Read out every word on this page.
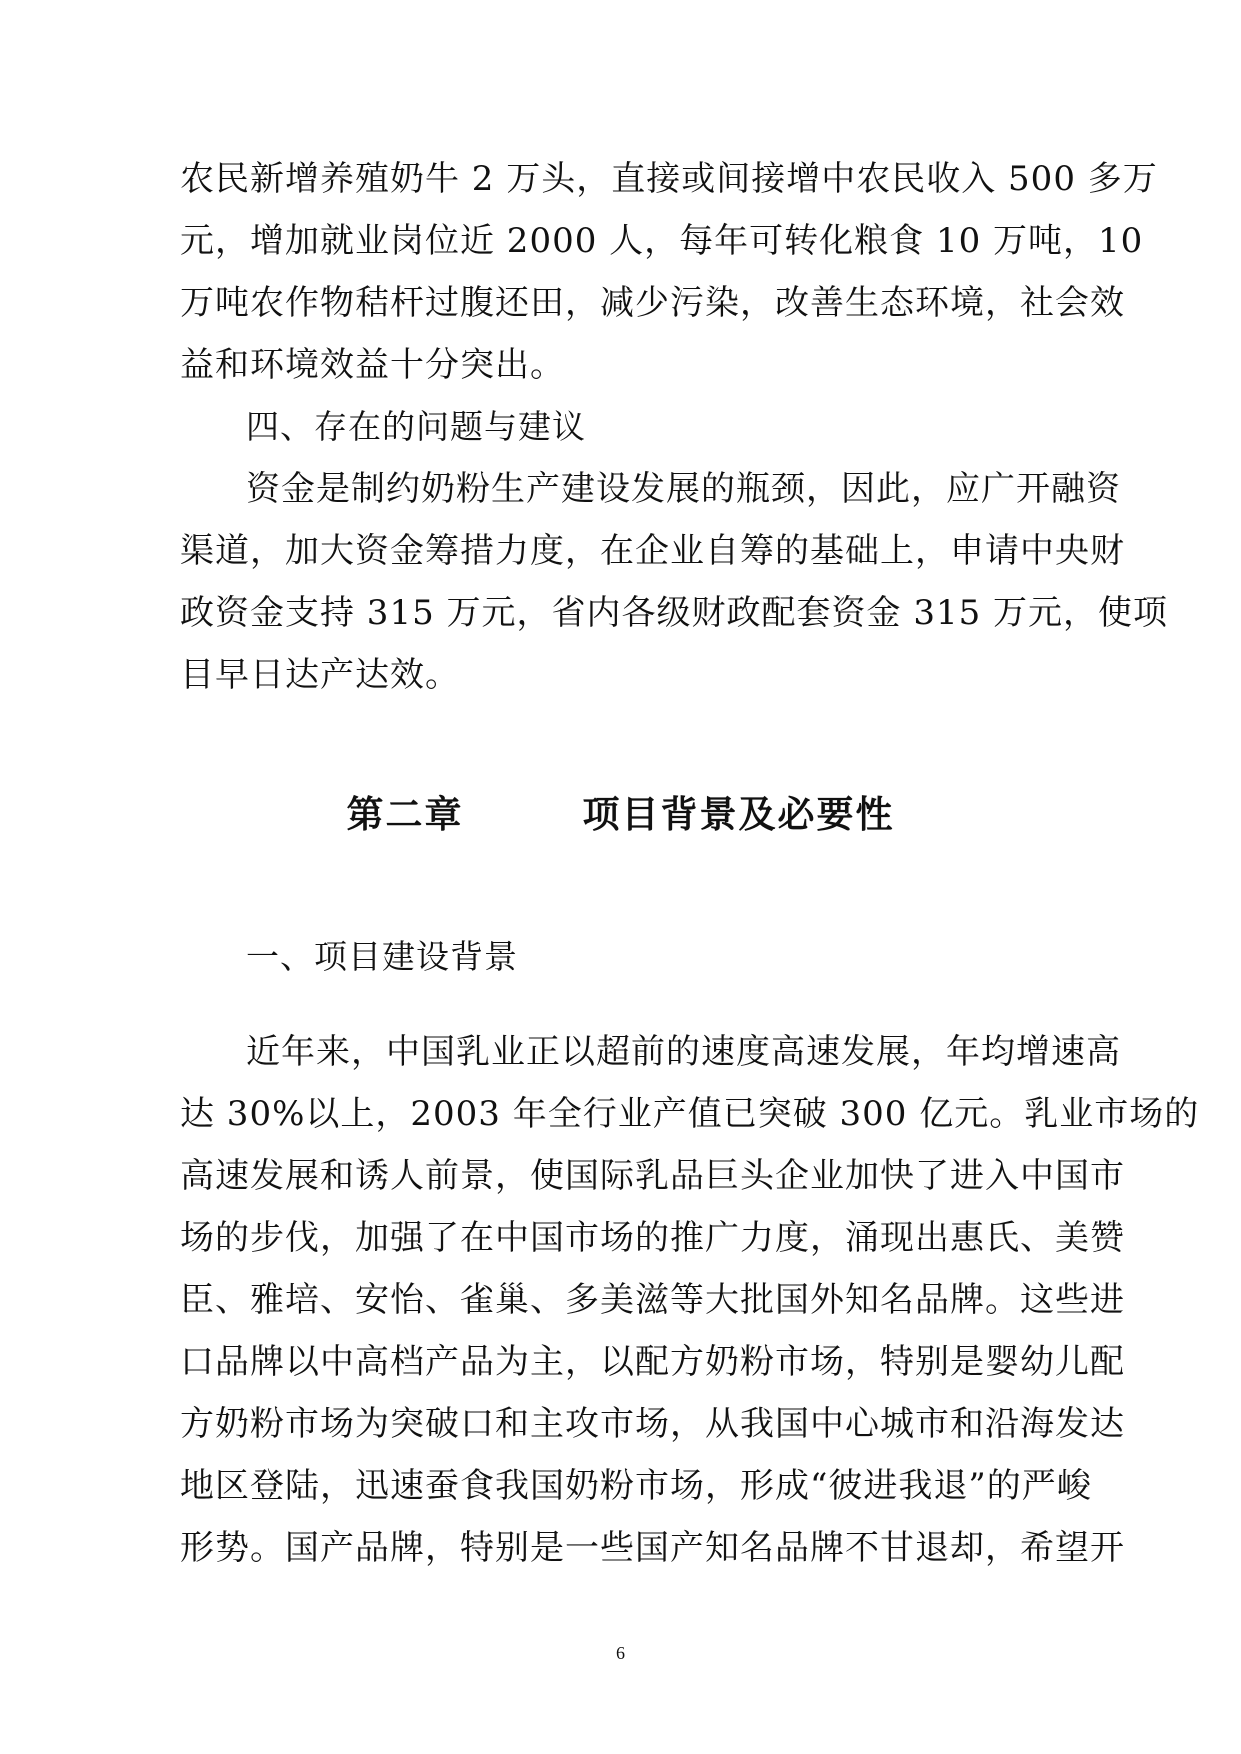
农民新增养殖奶牛 2 万头，直接或间接增中农民收入 500 多万
元，增加就业岗位近 2000 人，每年可转化粮食 10 万吨，10
万吨农作物秸杆过腹还田，减少污染，改善生态环境，社会效
益和环境效益十分突出。
四、存在的问题与建议
资金是制约奶粉生产建设发展的瓶颈，因此，应广开融资
渠道，加大资金筹措力度，在企业自筹的基础上，申请中央财
政资金支持 315 万元，省内各级财政配套资金 315 万元，使项
目早日达产达效。
第二章        项目背景及必要性
一、项目建设背景
近年来，中国乳业正以超前的速度高速发展，年均增速高
达 30%以上，2003 年全行业产值已突破 300 亿元。乳业市场的
高速发展和诱人前景，使国际乳品巨头企业加快了进入中国市
场的步伐，加强了在中国市场的推广力度，涌现出惠氏、美赞
臣、雅培、安怡、雀巢、多美滋等大批国外知名品牌。这些进
口品牌以中高档产品为主，以配方奶粉市场，特别是婴幼儿配
方奶粉市场为突破口和主攻市场，从我国中心城市和沿海发达
地区登陆，迅速蚕食我国奶粉市场，形成“彼进我退”的严峻
形势。国产品牌，特别是一些国产知名品牌不甘退却，希望开
6
